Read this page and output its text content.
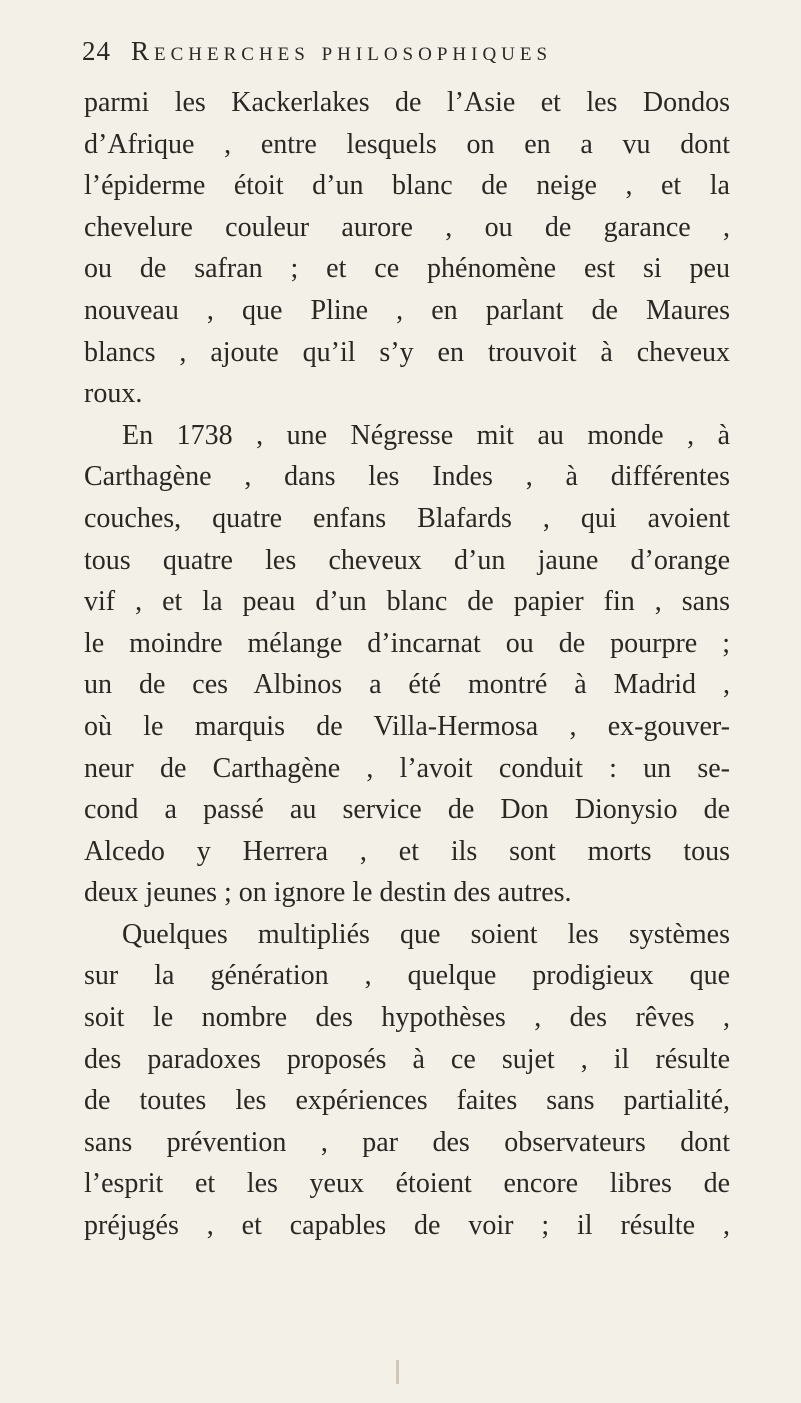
24 Recherches philosophiques
parmi les Kackerlakes de l’Asie et les Dondos
d’Afrique , entre lesquels on en a vu dont
l’épiderme étoit d’un blanc de neige , et la
chevelure couleur aurore , ou de garance ,
ou de safran ; et ce phénomène est si peu
nouveau , que Pline , en parlant de Maures
blancs , ajoute qu’il s’y en trouvoit à cheveux
roux.
En 1738 , une Négresse mit au monde , à
Carthagène , dans les Indes , à différentes
couches, quatre enfans Blafards , qui avoient
tous quatre les cheveux d’un jaune d’orange
vif , et la peau d’un blanc de papier fin , sans
le moindre mélange d’incarnat ou de pourpre ;
un de ces Albinos a été montré à Madrid ,
où le marquis de Villa-Hermosa , ex-gouver-
neur de Carthagène , l’avoit conduit : un se-
cond a passé au service de Don Dionysio de
Alcedo y Herrera , et ils sont morts tous
deux jeunes ; on ignore le destin des autres.
Quelques multipliés que soient les systèmes
sur la génération , quelque prodigieux que
soit le nombre des hypothèses , des rêves ,
des paradoxes proposés à ce sujet , il résulte
de toutes les expériences faites sans partialité,
sans prévention , par des observateurs dont
l’esprit et les yeux étoient encore libres de
préjugés , et capables de voir ; il résulte ,
